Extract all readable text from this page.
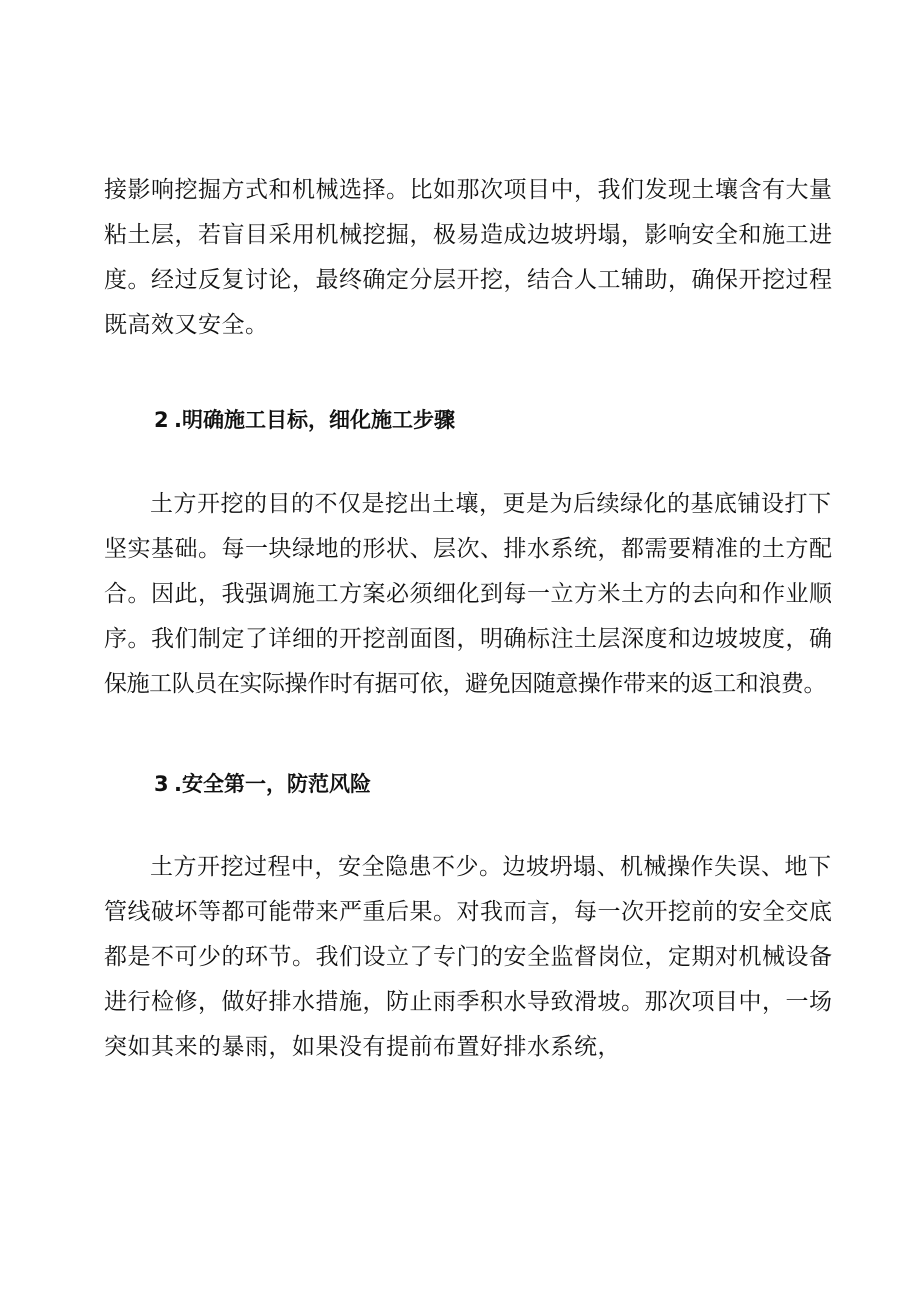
接影响挖掘方式和机械选择。比如那次项目中，我们发现土壤含有大量
粘土层，若盲目采用机械挖掘，极易造成边坡坍塌，影响安全和施工进
度。经过反复讨论，最终确定分层开挖，结合人工辅助，确保开挖过程
既高效又安全。
2 .明确施工目标，细化施工步骤
土方开挖的目的不仅是挖出土壤，更是为后续绿化的基底铺设打下
坚实基础。每一块绿地的形状、层次、排水系统，都需要精准的土方配
合。因此，我强调施工方案必须细化到每一立方米土方的去向和作业顺
序。我们制定了详细的开挖剖面图，明确标注土层深度和边坡坡度，确
保施工队员在实际操作时有据可依，避免因随意操作带来的返工和浪费。
3 .安全第一，防范风险
土方开挖过程中，安全隐患不少。边坡坍塌、机械操作失误、地下
管线破坏等都可能带来严重后果。对我而言，每一次开挖前的安全交底
都是不可少的环节。我们设立了专门的安全监督岗位，定期对机械设备
进行检修，做好排水措施，防止雨季积水导致滑坡。那次项目中，一场
突如其来的暴雨，如果没有提前布置好排水系统，
